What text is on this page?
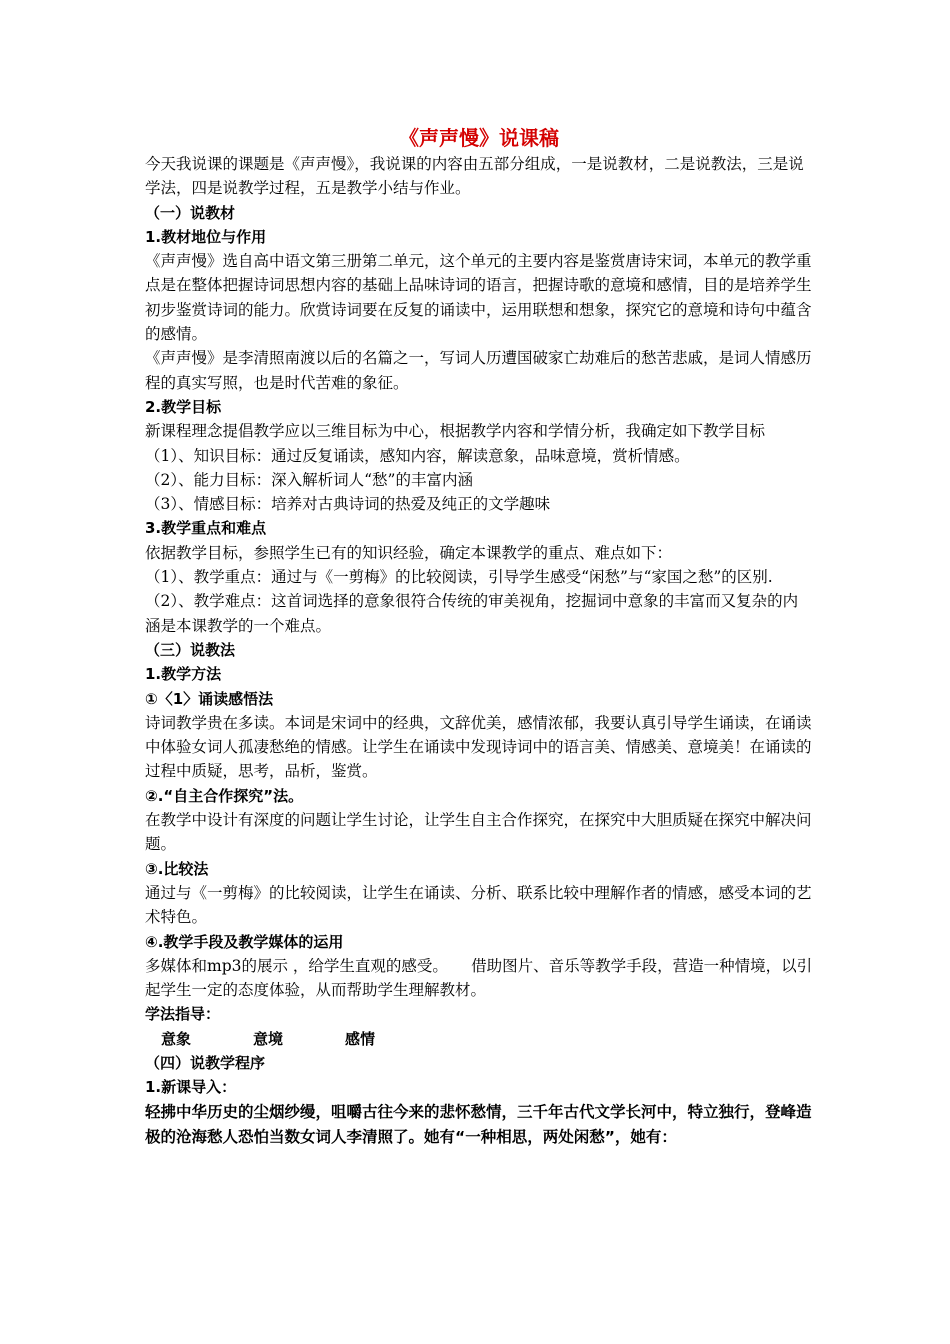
《声声慢》说课稿

今天我说课的课题是《声声慢》，我说课的内容由五部分组成，一是说教材，二是说教法，三是说学法，四是说教学过程，五是教学小结与作业。

（一）说教材

1.教材地位与作用

《声声慢》选自高中语文第三册第二单元，这个单元的主要内容是鉴赏唐诗宋词，本单元的教学重点是在整体把握诗词思想内容的基础上品味诗词的语言，把握诗歌的意境和感情，目的是培养学生初步鉴赏诗词的能力。欣赏诗词要在反复的诵读中，运用联想和想象，探究它的意境和诗句中蕴含的感情。

《声声慢》是李清照南渡以后的名篇之一，写词人历遭国破家亡劫难后的愁苦悲戚，是词人情感历程的真实写照，也是时代苦难的象征。

2.教学目标

新课程理念提倡教学应以三维目标为中心，根据教学内容和学情分析，我确定如下教学目标

（1）、知识目标：通过反复诵读，感知内容，解读意象，品味意境，赏析情感。

（2）、能力目标：深入解析词人“愁”的丰富内涵

（3）、情感目标：培养对古典诗词的热爱及纯正的文学趣味

3.教学重点和难点

依据教学目标，参照学生已有的知识经验，确定本课教学的重点、难点如下：

（1）、教学重点：通过与《一剪梅》的比较阅读，引导学生感受“闲愁”与“家国之愁”的区别.

（2）、教学难点：这首词选择的意象很符合传统的审美视角，挖掘词中意象的丰富而又复杂的内涵是本课教学的一个难点。

（三）说教法

1.教学方法

①〈1〉诵读感悟法

诗词教学贵在多读。本词是宋词中的经典，文辞优美，感情浓郁，我要认真引导学生诵读，在诵读中体验女词人孤凄愁绝的情感。让学生在诵读中发现诗词中的语言美、情感美、意境美！在诵读的过程中质疑，思考，品析，鉴赏。

②.“自主合作探究”法。

在教学中设计有深度的问题让学生讨论，让学生自主合作探究，在探究中大胆质疑在探究中解决问题。

③.比较法

通过与《一剪梅》的比较阅读，让学生在诵读、分析、联系比较中理解作者的情感，感受本词的艺术特色。

④.教学手段及教学媒体的运用

多媒体和mp3的展示 ，给学生直观的感受。　　借助图片、音乐等教学手段，营造一种情境，以引起学生一定的态度体验，从而帮助学生理解教材。

学法指导：

意象	意境	感情

（四）说教学程序

1.新课导入：

轻拂中华历史的尘烟纱缦，咀嚼古往今来的悲怀愁情，三千年古代文学长河中，特立独行，登峰造极的沧海愁人恐怕当数女词人李清照了。她有“一种相思，两处闲愁”，她有：
